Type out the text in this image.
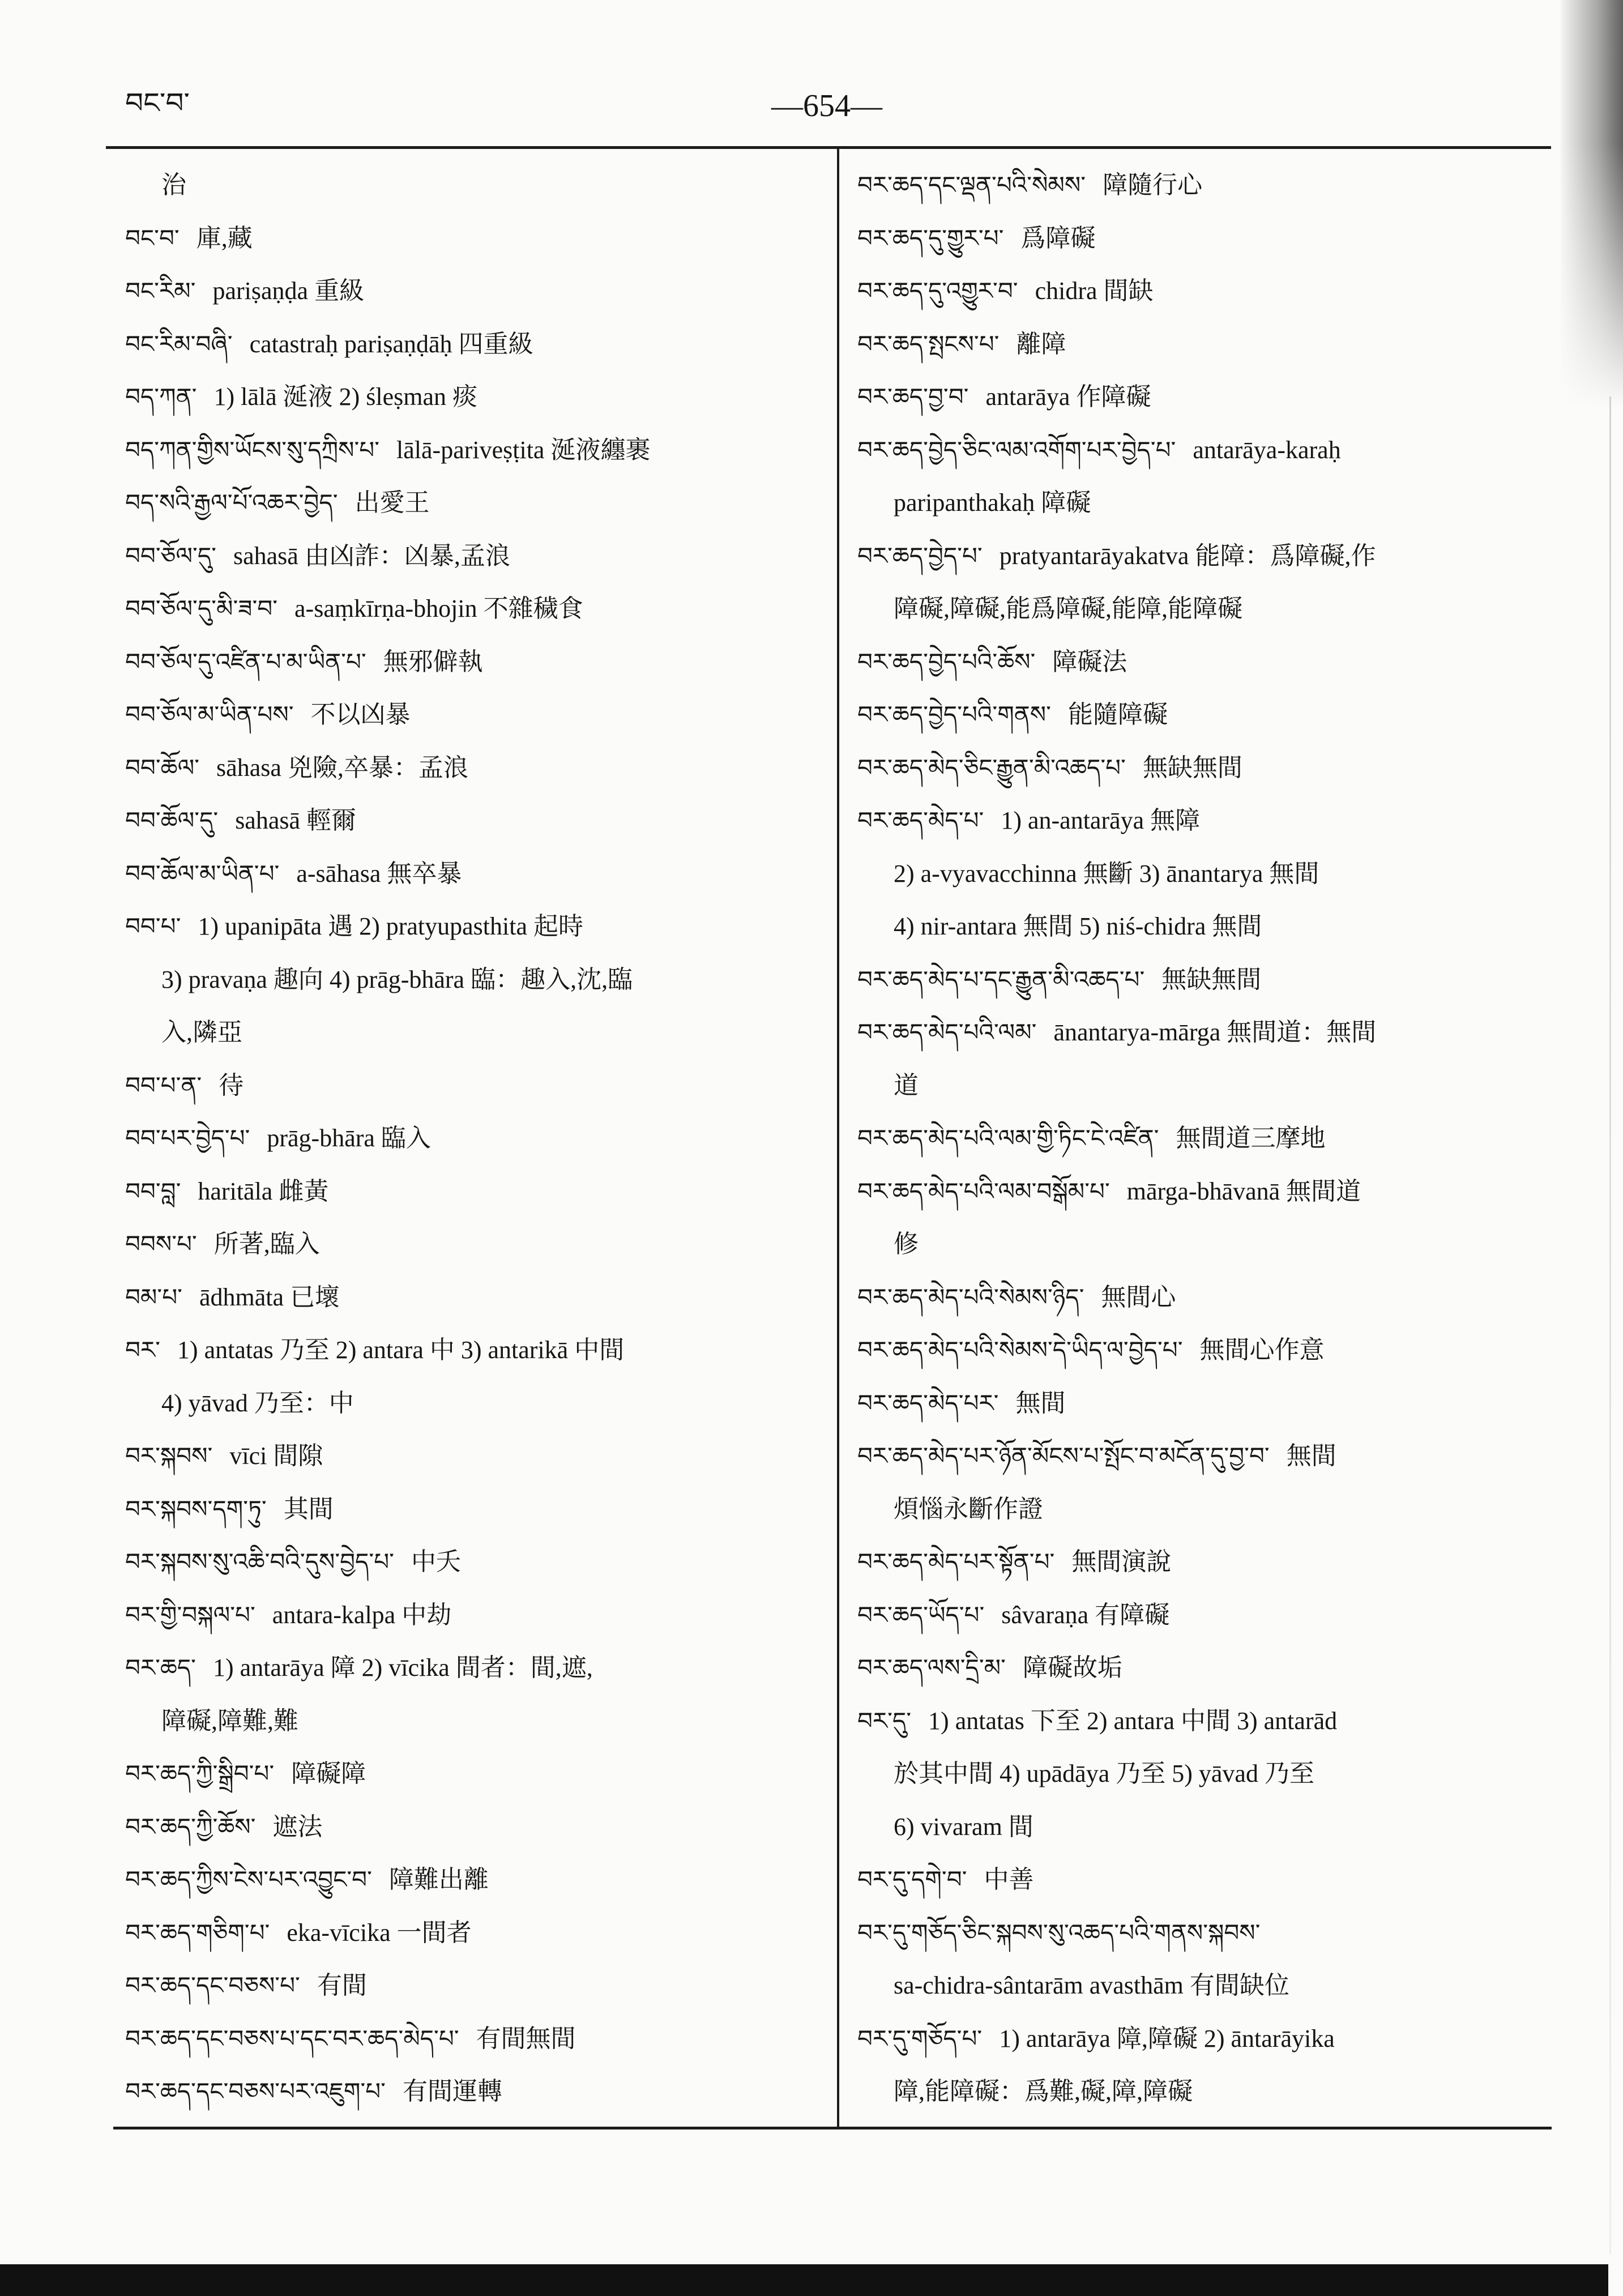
བང་བ་	—654—
治
བང་བ་ 庫,藏
བང་རིམ་ pariṣaṇḍa 重級
བང་རིམ་བཞི་ catastraḥ pariṣaṇḍāḥ 四重級
བད་ཀན་ 1) lālā 涎液 2) śleṣman 痰
བད་ཀན་གྱིས་ཡོངས་སུ་དཀྲིས་པ་ lālā-pariveṣṭita 涎液纏裹
བད་སའི་རྒྱལ་པོ་འཆར་བྱེད་ 出愛王
བབ་ཅོལ་དུ་ sahasā 由凶詐：凶暴,孟浪
བབ་ཅོལ་དུ་མི་ཟ་བ་ a-saṃkīrṇa-bhojin 不雜穢食
བབ་ཅོལ་དུ་འཛིན་པ་མ་ཡིན་པ་ 無邪僻執
བབ་ཅོལ་མ་ཡིན་པས་ 不以凶暴
བབ་ཆོལ་ sāhasa 兇險,卒暴：孟浪
བབ་ཆོལ་དུ་ sahasā 輕爾
བབ་ཆོལ་མ་ཡིན་པ་ a-sāhasa 無卒暴
བབ་པ་ 1) upanipāta 遇 2) pratyupasthita 起時
3) pravaṇa 趣向 4) prāg-bhāra 臨：趣入,沈,臨
入,隣亞
བབ་པ་ན་ 待
བབ་པར་བྱེད་པ་ prāg-bhāra 臨入
བབ་བླ་ haritāla 雌黃
བབས་པ་ 所著,臨入
བམ་པ་ ādhmāta 已壞
བར་ 1) antatas 乃至 2) antara 中 3) antarikā 中間
4) yāvad 乃至：中
བར་སྐབས་ vīci 間隙
བར་སྐབས་དག་ཏུ་ 其間
བར་སྐབས་སུ་འཆི་བའི་དུས་བྱེད་པ་ 中夭
བར་གྱི་བསྐལ་པ་ antara-kalpa 中劫
བར་ཆད་ 1) antarāya 障 2) vīcika 間者：間,遮,
障礙,障難,難
བར་ཆད་ཀྱི་སྒྲིབ་པ་ 障礙障
བར་ཆད་ཀྱི་ཆོས་ 遮法
བར་ཆད་ཀྱིས་ངེས་པར་འབྱུང་བ་ 障難出離
བར་ཆད་གཅིག་པ་ eka-vīcika 一間者
བར་ཆད་དང་བཅས་པ་ 有間
བར་ཆད་དང་བཅས་པ་དང་བར་ཆད་མེད་པ་ 有間無間
བར་ཆད་དང་བཅས་པར་འཇུག་པ་ 有間運轉
བར་ཆད་དང་ལྡན་པའི་སེམས་ 障隨行心
བར་ཆད་དུ་གྱུར་པ་ 爲障礙
བར་ཆད་དུ་འགྱུར་བ་ chidra 間缺
བར་ཆད་སྤངས་པ་ 離障
བར་ཆད་བྱ་བ་ antarāya 作障礙
བར་ཆད་བྱེད་ཅིང་ལམ་འགོག་པར་བྱེད་པ་ antarāya-karaḥ
paripanthakaḥ 障礙
བར་ཆད་བྱེད་པ་ pratyantarāyakatva 能障：爲障礙,作
障礙,障礙,能爲障礙,能障,能障礙
བར་ཆད་བྱེད་པའི་ཆོས་ 障礙法
བར་ཆད་བྱེད་པའི་གནས་ 能隨障礙
བར་ཆད་མེད་ཅིང་རྒྱུན་མི་འཆད་པ་ 無缺無間
བར་ཆད་མེད་པ་ 1) an-antarāya 無障
2) a-vyavacchinna 無斷 3) ānantarya 無間
4) nir-antara 無間 5) niś-chidra 無間
བར་ཆད་མེད་པ་དང་རྒྱུན་མི་འཆད་པ་ 無缺無間
བར་ཆད་མེད་པའི་ལམ་ ānantarya-mārga 無間道：無間
道
བར་ཆད་མེད་པའི་ལམ་གྱི་ཏིང་ངེ་འཛིན་ 無間道三摩地
བར་ཆད་མེད་པའི་ལམ་བསྒོམ་པ་ mārga-bhāvanā 無間道
修
བར་ཆད་མེད་པའི་སེམས་ཉིད་ 無間心
བར་ཆད་མེད་པའི་སེམས་དེ་ཡིད་ལ་བྱེད་པ་ 無間心作意
བར་ཆད་མེད་པར་ 無間
བར་ཆད་མེད་པར་ཉོན་མོངས་པ་སྤོང་བ་མངོན་དུ་བྱ་བ་ 無間
煩惱永斷作證
བར་ཆད་མེད་པར་སྟོན་པ་ 無間演說
བར་ཆད་ཡོད་པ་ sâvaraṇa 有障礙
བར་ཆད་ལས་དྲི་མ་ 障礙故垢
བར་དུ་ 1) antatas 下至 2) antara 中間 3) antarād
於其中間 4) upādāya 乃至 5) yāvad 乃至
6) vivaram 間
བར་དུ་དགེ་བ་ 中善
བར་དུ་གཅོད་ཅིང་སྐབས་སུ་འཆད་པའི་གནས་སྐབས་
sa-chidra-sântarām avasthām 有間缺位
བར་དུ་གཅོད་པ་ 1) antarāya 障,障礙 2) āntarāyika
障,能障礙：爲難,礙,障,障礙
